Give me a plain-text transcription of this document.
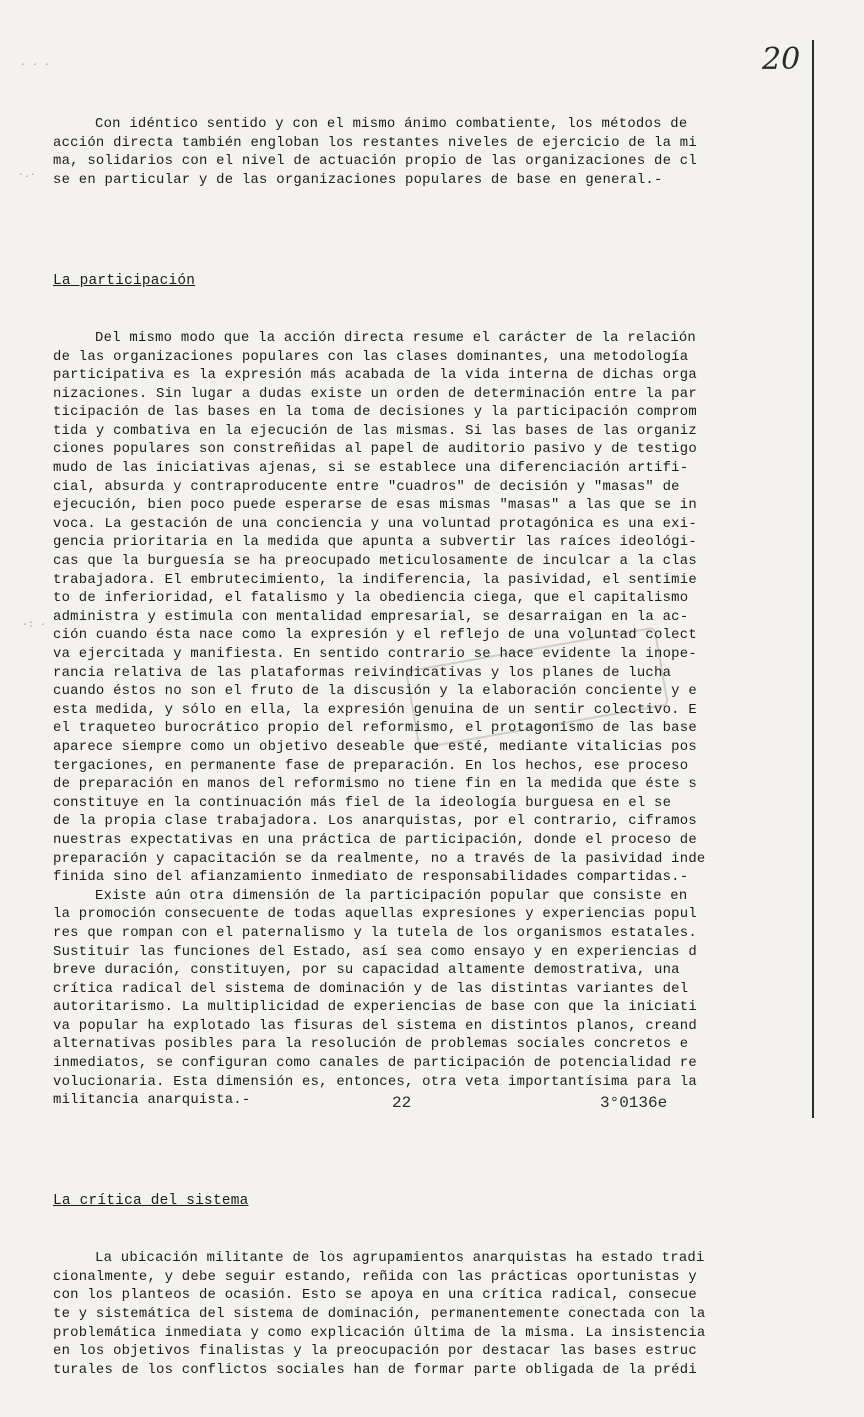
20
· · ·
·.·
·: ·

Con idéntico sentido y con el mismo ánimo combatiente, los métodos de
acción directa también engloban los restantes niveles de ejercicio de la mi
ma, solidarios con el nivel de actuación propio de las organizaciones de cl
se en particular y de las organizaciones populares de base en general.-

La participación

Del mismo modo que la acción directa resume el carácter de la relación
de las organizaciones populares con las clases dominantes, una metodología
participativa es la expresión más acabada de la vida interna de dichas orga
nizaciones. Sin lugar a dudas existe un orden de determinación entre la par
ticipación de las bases en la toma de decisiones y la participación comprom
tida y combativa en la ejecución de las mismas. Si las bases de las organiz
ciones populares son constreñidas al papel de auditorio pasivo y de testigo
mudo de las iniciativas ajenas, si se establece una diferenciación artifi-
cial, absurda y contraproducente entre "cuadros" de decisión y "masas" de
ejecución, bien poco puede esperarse de esas mismas "masas" a las que se in
voca. La gestación de una conciencia y una voluntad protagónica es una exi-
gencia prioritaria en la medida que apunta a subvertir las raíces ideológi-
cas que la burguesía se ha preocupado meticulosamente de inculcar a la clas
trabajadora. El embrutecimiento, la indiferencia, la pasividad, el sentimie
to de inferioridad, el fatalismo y la obediencia ciega, que el capitalismo
administra y estimula con mentalidad empresarial, se desarraigan en la ac-
ción cuando ésta nace como la expresión y el reflejo de una voluntad colect
va ejercitada y manifiesta. En sentido contrario se hace evidente la inope-
rancia relativa de las plataformas reivindicativas y los planes de lucha
cuando éstos no son el fruto de la discusión y la elaboración conciente y e
esta medida, y sólo en ella, la expresión genuina de un sentir colectivo. E
el traqueteo burocrático propio del reformismo, el protagonismo de las base
aparece siempre como un objetivo deseable que esté, mediante vitalicias pos
tergaciones, en permanente fase de preparación. En los hechos, ese proceso
de preparación en manos del reformismo no tiene fin en la medida que éste s
constituye en la continuación más fiel de la ideología burguesa en el se
de la propia clase trabajadora. Los anarquistas, por el contrario, ciframos
nuestras expectativas en una práctica de participación, donde el proceso de
preparación y capacitación se da realmente, no a través de la pasividad inde
finida sino del afianzamiento inmediato de responsabilidades compartidas.-
Existe aún otra dimensión de la participación popular que consiste en
la promoción consecuente de todas aquellas expresiones y experiencias popul
res que rompan con el paternalismo y la tutela de los organismos estatales.
Sustituir las funciones del Estado, así sea como ensayo y en experiencias d
breve duración, constituyen, por su capacidad altamente demostrativa, una
crítica radical del sistema de dominación y de las distintas variantes del
autoritarismo. La multiplicidad de experiencias de base con que la iniciati
va popular ha explotado las fisuras del sistema en distintos planos, creand
alternativas posibles para la resolución de problemas sociales concretos e
inmediatos, se configuran como canales de participación de potencialidad re
volucionaria. Esta dimensión es, entonces, otra veta importantísima para la
militancia anarquista.-

La crítica del sistema

La ubicación militante de los agrupamientos anarquistas ha estado tradi
cionalmente, y debe seguir estando, reñida con las prácticas oportunistas y
con los planteos de ocasión. Esto se apoya en una crítica radical, consecue
te y sistemática del sistema de dominación, permanentemente conectada con la
problemática inmediata y como explicación última de la misma. La insistencia
en los objetivos finalistas y la preocupación por destacar las bases estruc
turales de los conflictos sociales han de formar parte obligada de la prédi

22	3°0136e
